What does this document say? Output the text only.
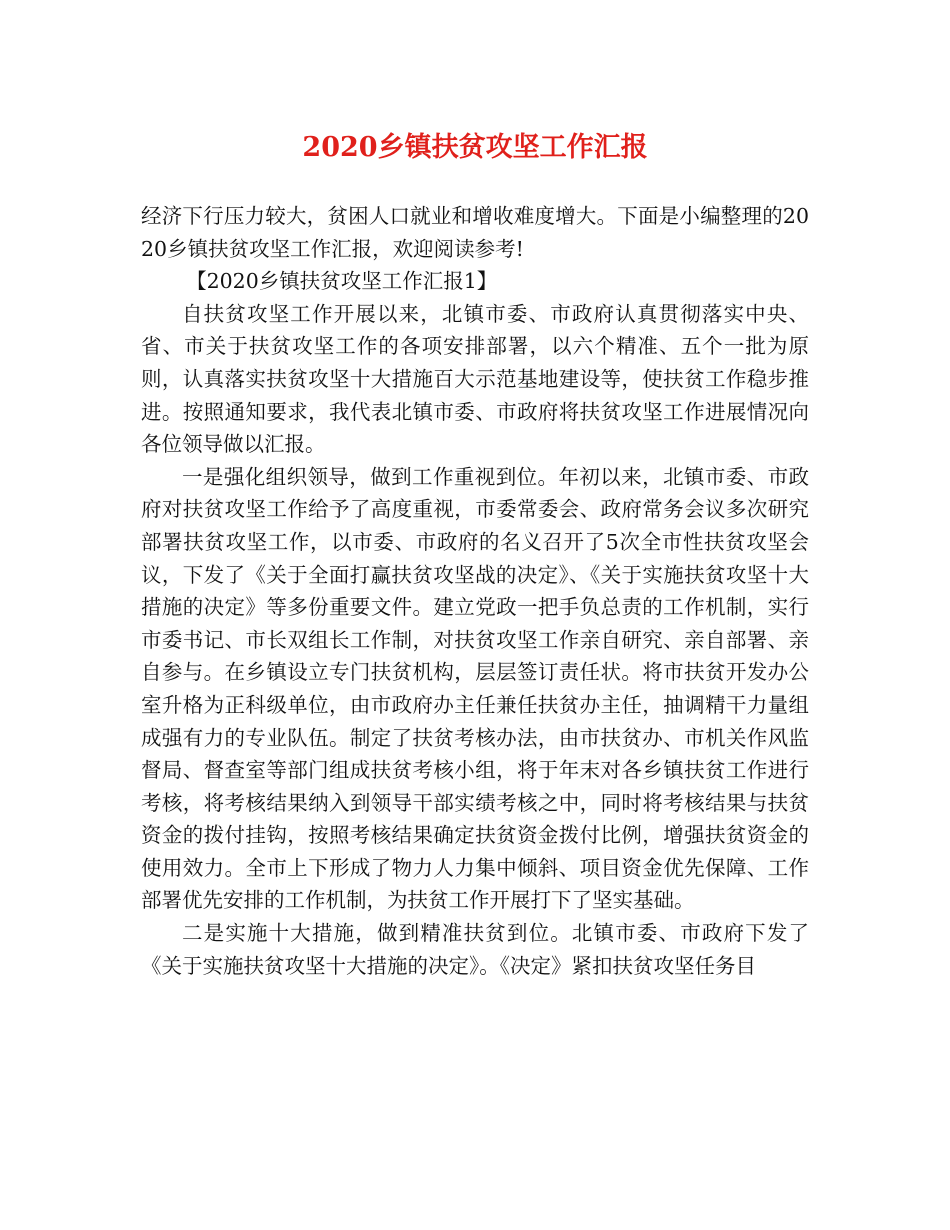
2020乡镇扶贫攻坚工作汇报

经济下行压力较大，贫困人口就业和增收难度增大。下面是小编整理的2020乡镇扶贫攻坚工作汇报，欢迎阅读参考!

【2020乡镇扶贫攻坚工作汇报1】

自扶贫攻坚工作开展以来，北镇市委、市政府认真贯彻落实中央、省、市关于扶贫攻坚工作的各项安排部署，以六个精准、五个一批为原则，认真落实扶贫攻坚十大措施百大示范基地建设等，使扶贫工作稳步推进。按照通知要求，我代表北镇市委、市政府将扶贫攻坚工作进展情况向各位领导做以汇报。

一是强化组织领导，做到工作重视到位。年初以来，北镇市委、市政府对扶贫攻坚工作给予了高度重视，市委常委会、政府常务会议多次研究部署扶贫攻坚工作，以市委、市政府的名义召开了5次全市性扶贫攻坚会议，下发了《关于全面打赢扶贫攻坚战的决定》、《关于实施扶贫攻坚十大措施的决定》等多份重要文件。建立党政一把手负总责的工作机制，实行市委书记、市长双组长工作制，对扶贫攻坚工作亲自研究、亲自部署、亲自参与。在乡镇设立专门扶贫机构，层层签订责任状。将市扶贫开发办公室升格为正科级单位，由市政府办主任兼任扶贫办主任，抽调精干力量组成强有力的专业队伍。制定了扶贫考核办法，由市扶贫办、市机关作风监督局、督查室等部门组成扶贫考核小组，将于年末对各乡镇扶贫工作进行考核，将考核结果纳入到领导干部实绩考核之中，同时将考核结果与扶贫资金的拨付挂钩，按照考核结果确定扶贫资金拨付比例，增强扶贫资金的使用效力。全市上下形成了物力人力集中倾斜、项目资金优先保障、工作部署优先安排的工作机制，为扶贫工作开展打下了坚实基础。

二是实施十大措施，做到精准扶贫到位。北镇市委、市政府下发了《关于实施扶贫攻坚十大措施的决定》。《决定》紧扣扶贫攻坚任务目
